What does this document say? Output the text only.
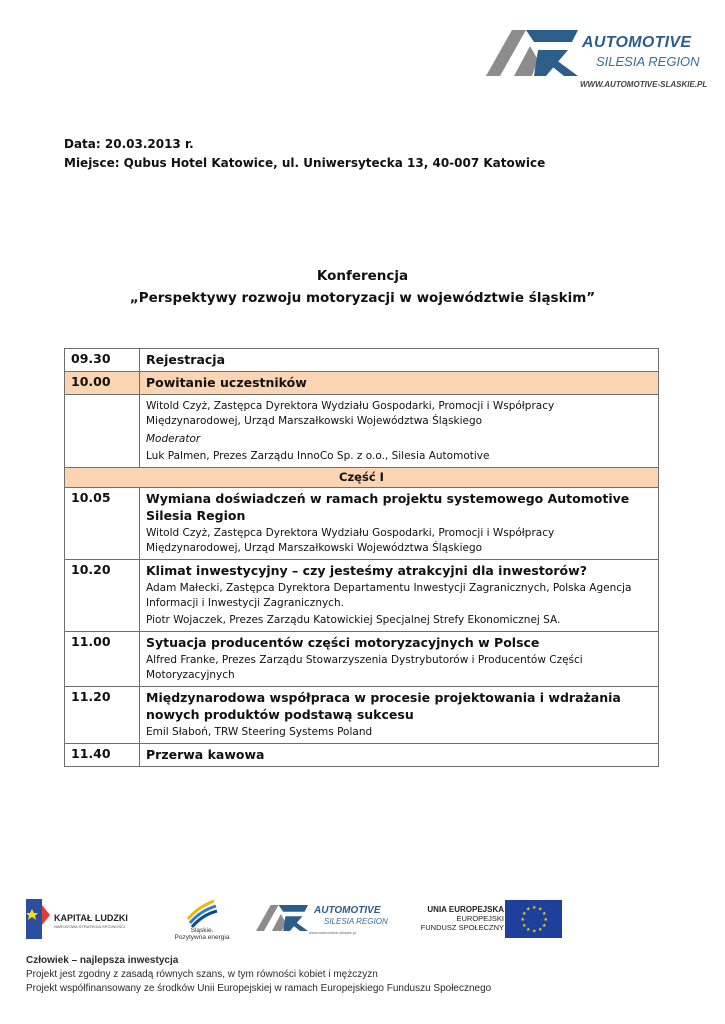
AUTOMOTIVE
SILESIA REGION
WWW.AUTOMOTIVE-SLASKIE.PL
Data: 20.03.2013 r.
Miejsce: Qubus Hotel Katowice, ul. Uniwersytecka 13, 40-007 Katowice
Konferencja
„Perspektywy rozwoju motoryzacji w województwie śląskim”
09.30	Rejestracja
10.00	Powitanie uczestników

	Witold Czyż, Zastępca Dyrektora Wydziału Gospodarki, Promocji i Współpracy Międzynarodowej, Urząd Marszałkowski Województwa Śląskiego
Moderator
Luk Palmen, Prezes Zarządu InnoCo Sp. z o.o., Silesia Automotive

Część I	
10.05	Wymiana doświadczeń w ramach projektu systemowego Automotive Silesia Region
Witold Czyż, Zastępca Dyrektora Wydziału Gospodarki, Promocji i Współpracy Międzynarodowej, Urząd Marszałkowski Województwa Śląskiego

10.20	Klimat inwestycyjny – czy jesteśmy atrakcyjni dla inwestorów?
Adam Małecki, Zastępca Dyrektora Departamentu Inwestycji Zagranicznych, Polska Agencja Informacji i Inwestycji Zagranicznych.
Piotr Wojaczek, Prezes Zarządu Katowickiej Specjalnej Strefy Ekonomicznej SA.

11.00	Sytuacja producentów części motoryzacyjnych w Polsce
Alfred Franke, Prezes Zarządu Stowarzyszenia Dystrybutorów i Producentów Części Motoryzacyjnych

11.20	Międzynarodowa współpraca w procesie projektowania i wdrażania nowych produktów podstawą sukcesu
Emil Słaboń, TRW Steering Systems Poland

11.40	Przerwa kawowa
KAPITAŁ LUDZKI
NARODOWA STRATEGIA SPÓJNOŚCI
Śląskie.
Pozytywna energia
AUTOMOTIVE
SILESIA REGION
www.automotive-slaskie.pl
UNIA EUROPEJSKA
EUROPEJSKI
FUNDUSZ SPOŁECZNY
★ ★
★
★
★
★
★
★
★
★
★
★
Człowiek – najlepsza inwestycja
Projekt jest zgodny z zasadą równych szans, w tym równości kobiet i mężczyzn
Projekt współfinansowany ze środków Unii Europejskiej w ramach Europejskiego Funduszu Społecznego
